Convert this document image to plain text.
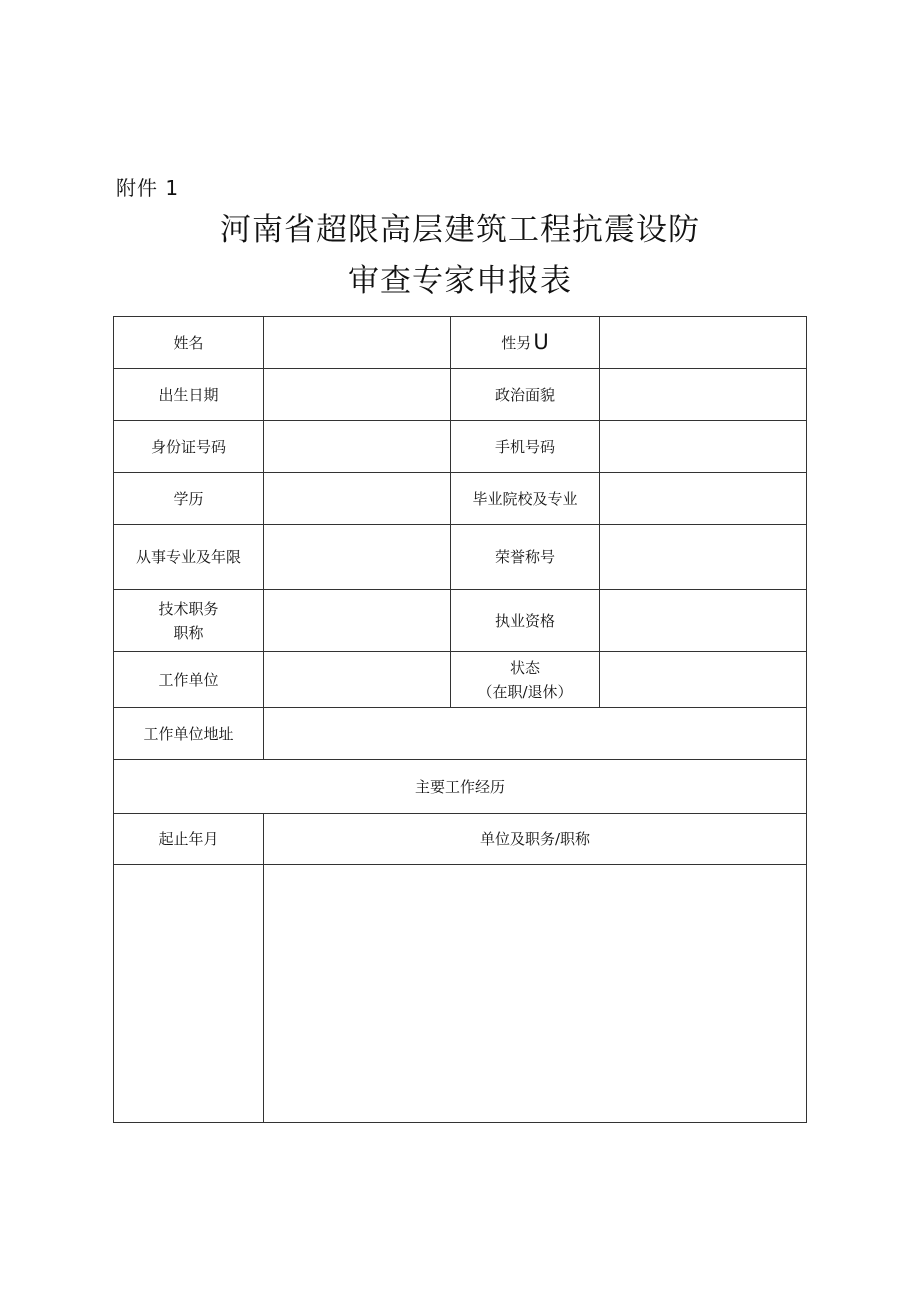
附件 1
河南省超限高层建筑工程抗震设防
审查专家申报表
姓名		性另U	
出生日期		政治面貌	
身份证号码		手机号码	
学历		毕业院校及专业	
从事专业及年限		荣誉称号	

技术职务
职称		执业资格	
工作单位		状态
（在职/退休）	

工作单位地址			
主要工作经历			
起止年月	单位及职务/职称		
